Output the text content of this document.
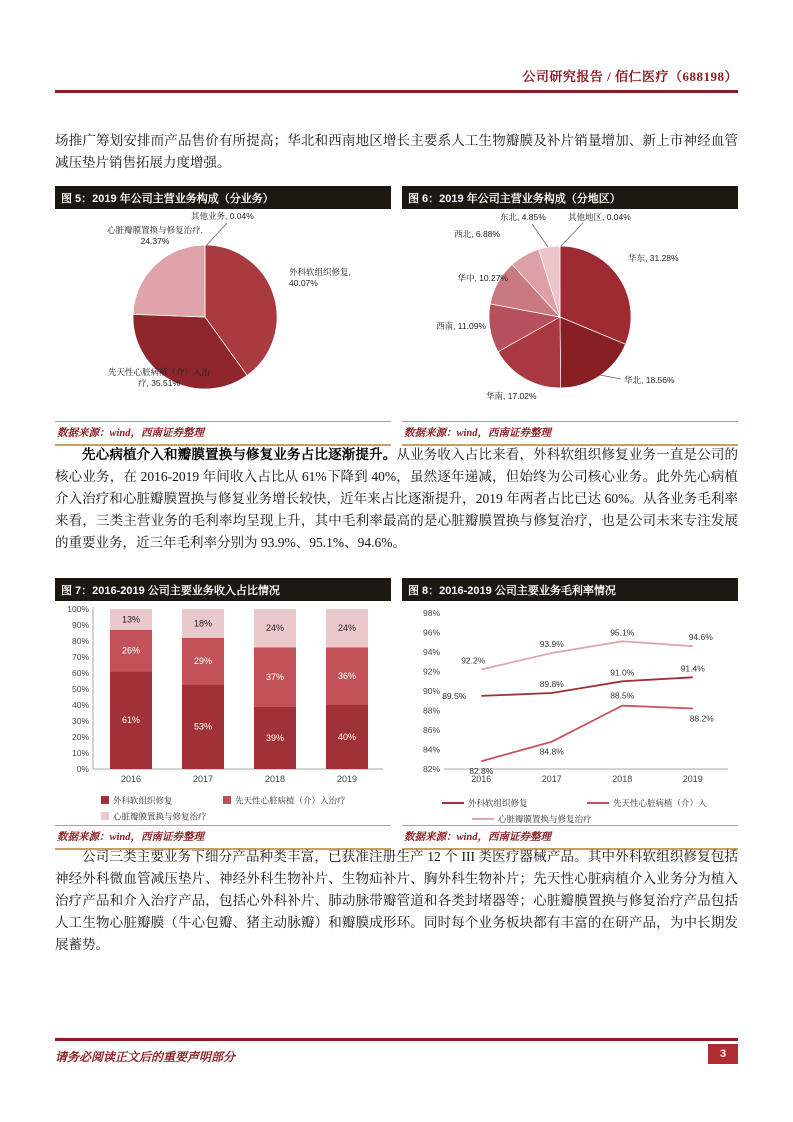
公司研究报告 / 佰仁医疗（688198）

场推广筹划安排而产品售价有所提高；华北和西南地区增长主要系人工生物瓣膜及补片销量增加、新上市神经血管减压垫片销售拓展力度增强。

图 5：2019 年公司主营业务构成（分业务）
外科软组织修复, 40.07%
先天性心脏病植（介）入治疗, 35.51%
心脏瓣膜置换与修复治疗, 24.37%
其他业务, 0.04%
数据来源：wind，西南证券整理
图 6：2019 年公司主营业务构成（分地区）
华东, 31.28%
华北, 18.56%
华南, 17.02%
西南, 11.09%
华中, 10.27%
西北, 6.88%
东北, 4.85%	其他地区, 0.04%
数据来源：wind，西南证券整理

先心病植介入和瓣膜置换与修复业务占比逐渐提升。从业务收入占比来看，外科软组织修复业务一直是公司的核心业务，在 2016-2019 年间收入占比从 61%下降到 40%，虽然逐年递减，但始终为公司核心业务。此外先心病植介入治疗和心脏瓣膜置换与修复业务增长较快，近年来占比逐渐提升，2019 年两者占比已达 60%。从各业务毛利率来看，三类主营业务的毛利率均呈现上升，其中毛利率最高的是心脏瓣膜置换与修复治疗，也是公司未来专注发展的重要业务，近三年毛利率分别为 93.9%、95.1%、94.6%。

图 7：2016-2019 公司主要业务收入占比情况
0%
10%
20%
30%
40%
50%
60%
70%
80%
90%
100%
61%
26%
13%
2016
53%
29%
18%
2017
39%
37%
24%
2018
40%
36%
24%
2019
外科软组织修复	先天性心脏病植（介）入治疗
心脏瓣膜置换与修复治疗
数据来源：wind，西南证券整理
图 8：2016-2019 公司主要业务毛利率情况
82%
84%
86%
88%
90%
92%
94%
96%
98%
2016	2017	2018	2019
89.5%
89.8%
91.0%	91.4%
82.8%
84.8%
88.5%
88.2%
92.2%
93.9%
95.1%	94.6%
外科软组织修复	先天性心脏病植（介）入
心脏瓣膜置换与修复治疗
数据来源：wind，西南证券整理

公司三类主要业务下细分产品种类丰富，已获准注册生产 12 个 III 类医疗器械产品。其中外科软组织修复包括神经外科微血管减压垫片、神经外科生物补片、生物疝补片、胸外科生物补片；先天性心脏病植介入业务分为植入治疗产品和介入治疗产品，包括心外科补片、肺动脉带瓣管道和各类封堵器等；心脏瓣膜置换与修复治疗产品包括人工生物心脏瓣膜（牛心包瓣、猪主动脉瓣）和瓣膜成形环。同时每个业务板块都有丰富的在研产品，为中长期发展蓄势。

请务必阅读正文后的重要声明部分	3
